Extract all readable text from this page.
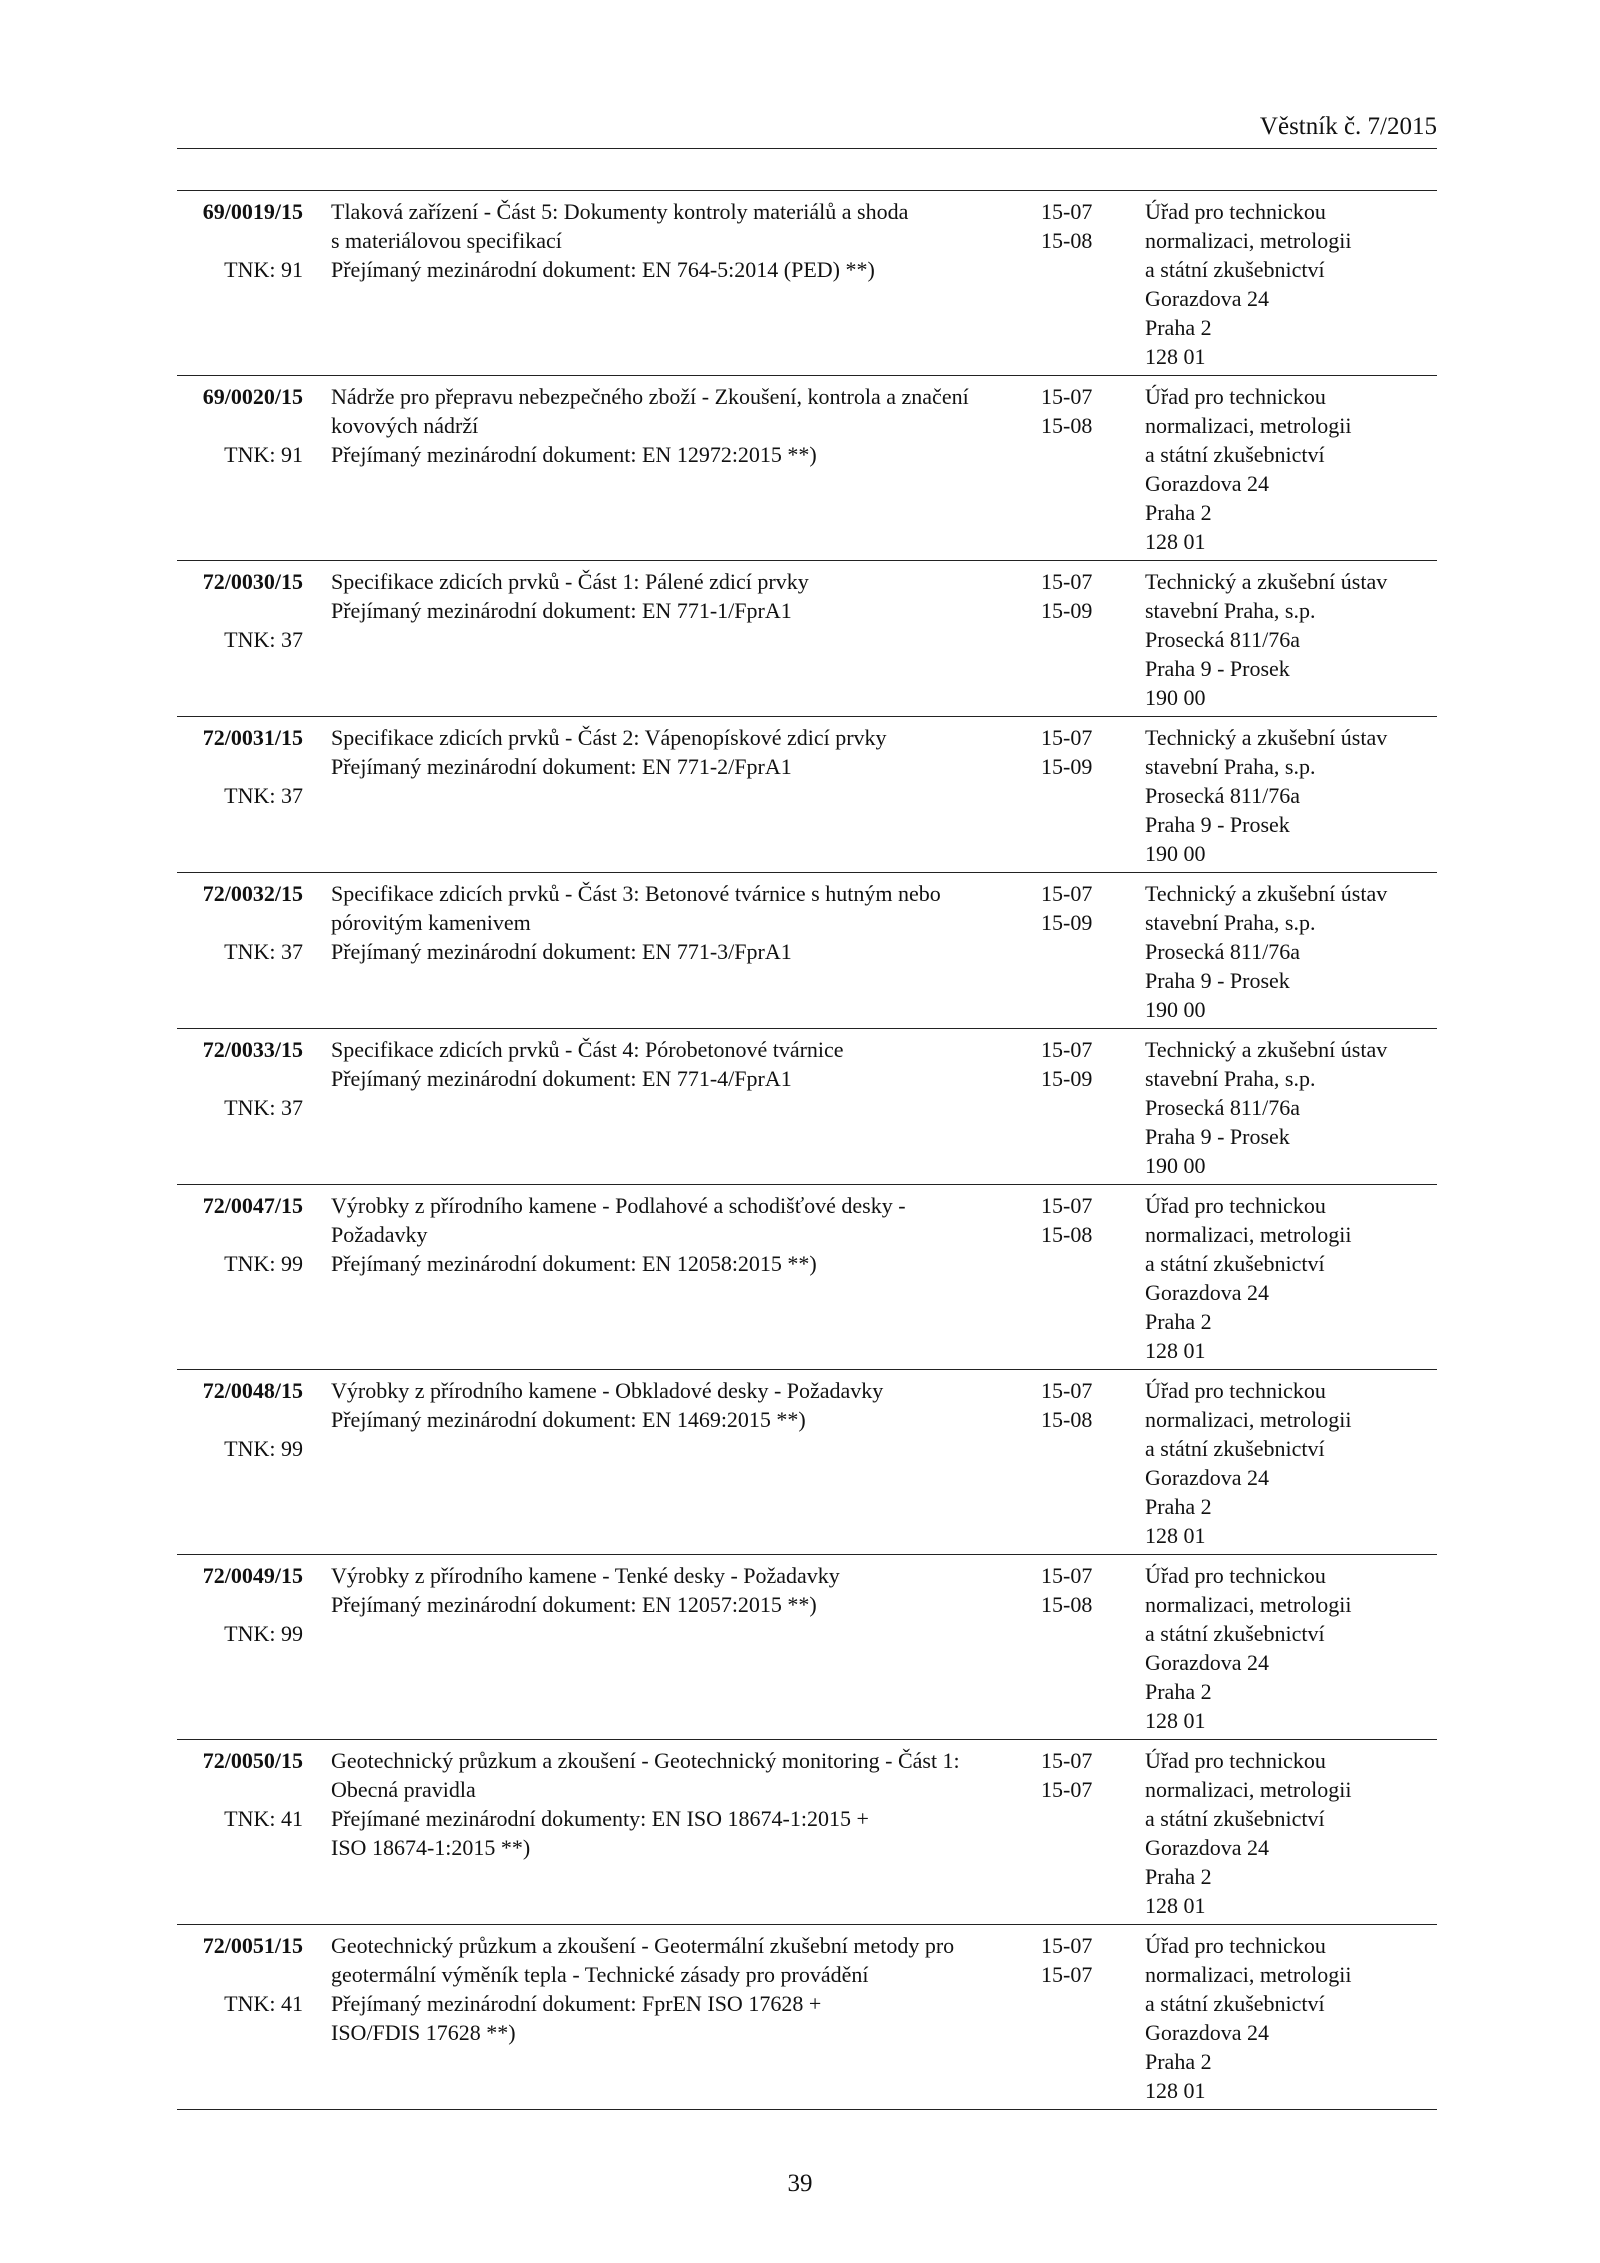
Věstník č. 7/2015
69/0019/15
TNK: 91
Tlaková zařízení - Část 5: Dokumenty kontroly materiálů a shoda
s materiálovou specifikací
Přejímaný mezinárodní dokument: EN 764-5:2014 (PED) **)
15-07
15-08
Úřad pro technickou
normalizaci, metrologii
a státní zkušebnictví
Gorazdova 24
Praha 2
128 01
69/0020/15
TNK: 91
Nádrže pro přepravu nebezpečného zboží - Zkoušení, kontrola a značení
kovových nádrží
Přejímaný mezinárodní dokument: EN 12972:2015 **)
15-07
15-08
Úřad pro technickou
normalizaci, metrologii
a státní zkušebnictví
Gorazdova 24
Praha 2
128 01
72/0030/15
TNK: 37
Specifikace zdicích prvků - Část 1: Pálené zdicí prvky
Přejímaný mezinárodní dokument: EN 771-1/FprA1
15-07
15-09
Technický a zkušební ústav
stavební Praha, s.p.
Prosecká 811/76a
Praha 9 - Prosek
190 00
72/0031/15
TNK: 37
Specifikace zdicích prvků - Část 2: Vápenopískové zdicí prvky
Přejímaný mezinárodní dokument: EN 771-2/FprA1
15-07
15-09
Technický a zkušební ústav
stavební Praha, s.p.
Prosecká 811/76a
Praha 9 - Prosek
190 00
72/0032/15
TNK: 37
Specifikace zdicích prvků - Část 3: Betonové tvárnice s hutným nebo
pórovitým kamenivem
Přejímaný mezinárodní dokument: EN 771-3/FprA1
15-07
15-09
Technický a zkušební ústav
stavební Praha, s.p.
Prosecká 811/76a
Praha 9 - Prosek
190 00
72/0033/15
TNK: 37
Specifikace zdicích prvků - Část 4: Pórobetonové tvárnice
Přejímaný mezinárodní dokument: EN 771-4/FprA1
15-07
15-09
Technický a zkušební ústav
stavební Praha, s.p.
Prosecká 811/76a
Praha 9 - Prosek
190 00
72/0047/15
TNK: 99
Výrobky z přírodního kamene - Podlahové a schodišťové desky -
Požadavky
Přejímaný mezinárodní dokument: EN 12058:2015 **)
15-07
15-08
Úřad pro technickou
normalizaci, metrologii
a státní zkušebnictví
Gorazdova 24
Praha 2
128 01
72/0048/15
TNK: 99
Výrobky z přírodního kamene - Obkladové desky - Požadavky
Přejímaný mezinárodní dokument: EN 1469:2015 **)
15-07
15-08
Úřad pro technickou
normalizaci, metrologii
a státní zkušebnictví
Gorazdova 24
Praha 2
128 01
72/0049/15
TNK: 99
Výrobky z přírodního kamene - Tenké desky - Požadavky
Přejímaný mezinárodní dokument: EN 12057:2015 **)
15-07
15-08
Úřad pro technickou
normalizaci, metrologii
a státní zkušebnictví
Gorazdova 24
Praha 2
128 01
72/0050/15
TNK: 41
Geotechnický průzkum a zkoušení - Geotechnický monitoring - Část 1:
Obecná pravidla
Přejímané mezinárodní dokumenty: EN ISO 18674-1:2015 +
ISO 18674-1:2015 **)
15-07
15-07
Úřad pro technickou
normalizaci, metrologii
a státní zkušebnictví
Gorazdova 24
Praha 2
128 01
72/0051/15
TNK: 41
Geotechnický průzkum a zkoušení - Geotermální zkušební metody pro
geotermální výměník tepla - Technické zásady pro provádění
Přejímaný mezinárodní dokument: FprEN ISO 17628 +
ISO/FDIS 17628 **)
15-07
15-07
Úřad pro technickou
normalizaci, metrologii
a státní zkušebnictví
Gorazdova 24
Praha 2
128 01
39
